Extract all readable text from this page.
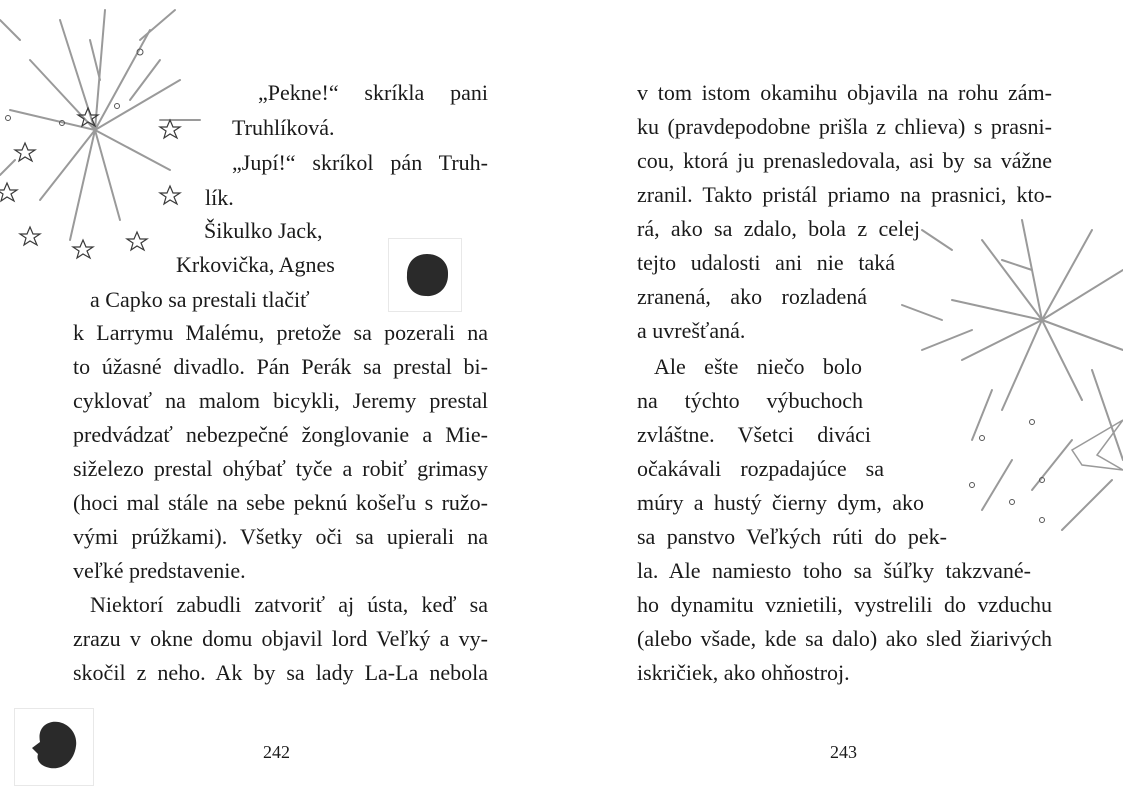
„Pekne!“ skríkla pani
Truhlíková.
„Jupí!“ skríkol pán Truh-
lík.
Šikulko Jack,
Krkovička, Agnes
a Capko sa prestali tlačiť
k Larrymu Malému, pretože sa pozerali na
to úžasné divadlo. Pán Perák sa prestal bi-
cyklovať na malom bicykli, Jeremy prestal
predvádzať nebezpečné žonglovanie a Mie-
siželezo prestal ohýbať tyče a robiť grimasy
(hoci mal stále na sebe peknú košeľu s ružo-
vými prúžkami). Všetky oči sa upierali na
veľké predstavenie.
Niektorí zabudli zatvoriť aj ústa, keď sa
zrazu v okne domu objavil lord Veľký a vy-
skočil z neho. Ak by sa lady La-La nebola
242
v tom istom okamihu objavila na rohu zám-
ku (pravdepodobne prišla z chlieva) s prasni-
cou, ktorá ju prenasledovala, asi by sa vážne
zranil. Takto pristál priamo na prasnici, kto-
rá, ako sa zdalo, bola z celej
tejto udalosti ani nie taká
zranená, ako rozladená
a uvrešťaná.
Ale ešte niečo bolo
na týchto výbuchoch
zvláštne. Všetci diváci
očakávali rozpadajúce sa
múry a hustý čierny dym, ako
sa panstvo Veľkých rúti do pek-
la. Ale namiesto toho sa šúľky takzvané-
ho dynamitu vznietili, vystrelili do vzduchu
(alebo všade, kde sa dalo) ako sled žiarivých
iskričiek, ako ohňostroj.
243
